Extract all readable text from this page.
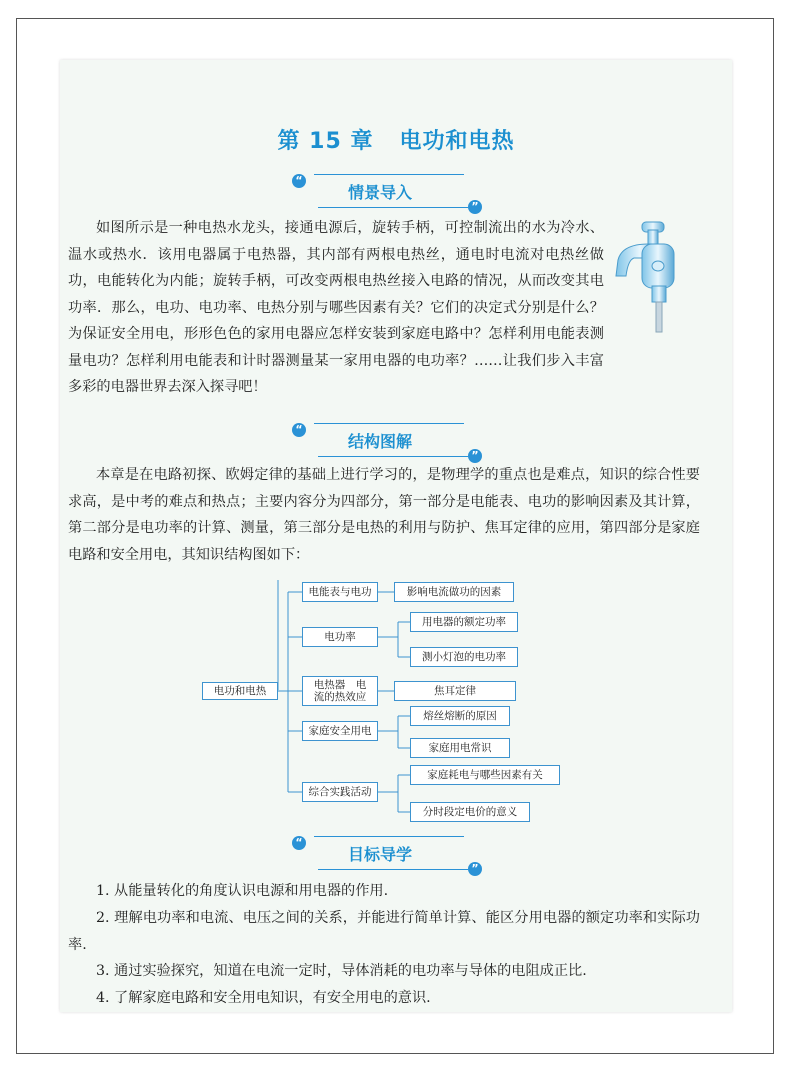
第 15 章 电功和电热
“
情景导入
”

如图所示是一种电热水龙头，接通电源后，旋转手柄，可控制流出的水为冷水、温水或热水．该用电器属于电热器，其内部有两根电热丝，通电时电流对电热丝做功，电能转化为内能；旋转手柄，可改变两根电热丝接入电路的情况，从而改变其电功率．那么，电功、电功率、电热分别与哪些因素有关？它们的决定式分别是什么？为保证安全用电，形形色色的家用电器应怎样安装到家庭电路中？怎样利用电能表测量电功？怎样利用电能表和计时器测量某一家用电器的电功率？……让我们步入丰富多彩的电器世界去深入探寻吧！

“
结构图解
”

本章是在电路初探、欧姆定律的基础上进行学习的，是物理学的重点也是难点，知识的综合性要求高，是中考的难点和热点；主要内容分为四部分，第一部分是电能表、电功的影响因素及其计算，第二部分是电功率的计算、测量，第三部分是电热的利用与防护、焦耳定律的应用，第四部分是家庭电路和安全用电，其知识结构图如下：

电功和电热
电能表与电功
电功率
电热器　电流的热效应
家庭安全用电
综合实践活动
影响电流做功的因素
用电器的额定功率
测小灯泡的电功率
焦耳定律
熔丝熔断的原因
家庭用电常识
家庭耗电与哪些因素有关
分时段定电价的意义
“
目标导学
”

1. 从能量转化的角度认识电源和用电器的作用.

2. 理解电功率和电流、电压之间的关系，并能进行简单计算、能区分用电器的额定功率和实际功率.

3. 通过实验探究，知道在电流一定时，导体消耗的电功率与导体的电阻成正比.

4. 了解家庭电路和安全用电知识，有安全用电的意识.
